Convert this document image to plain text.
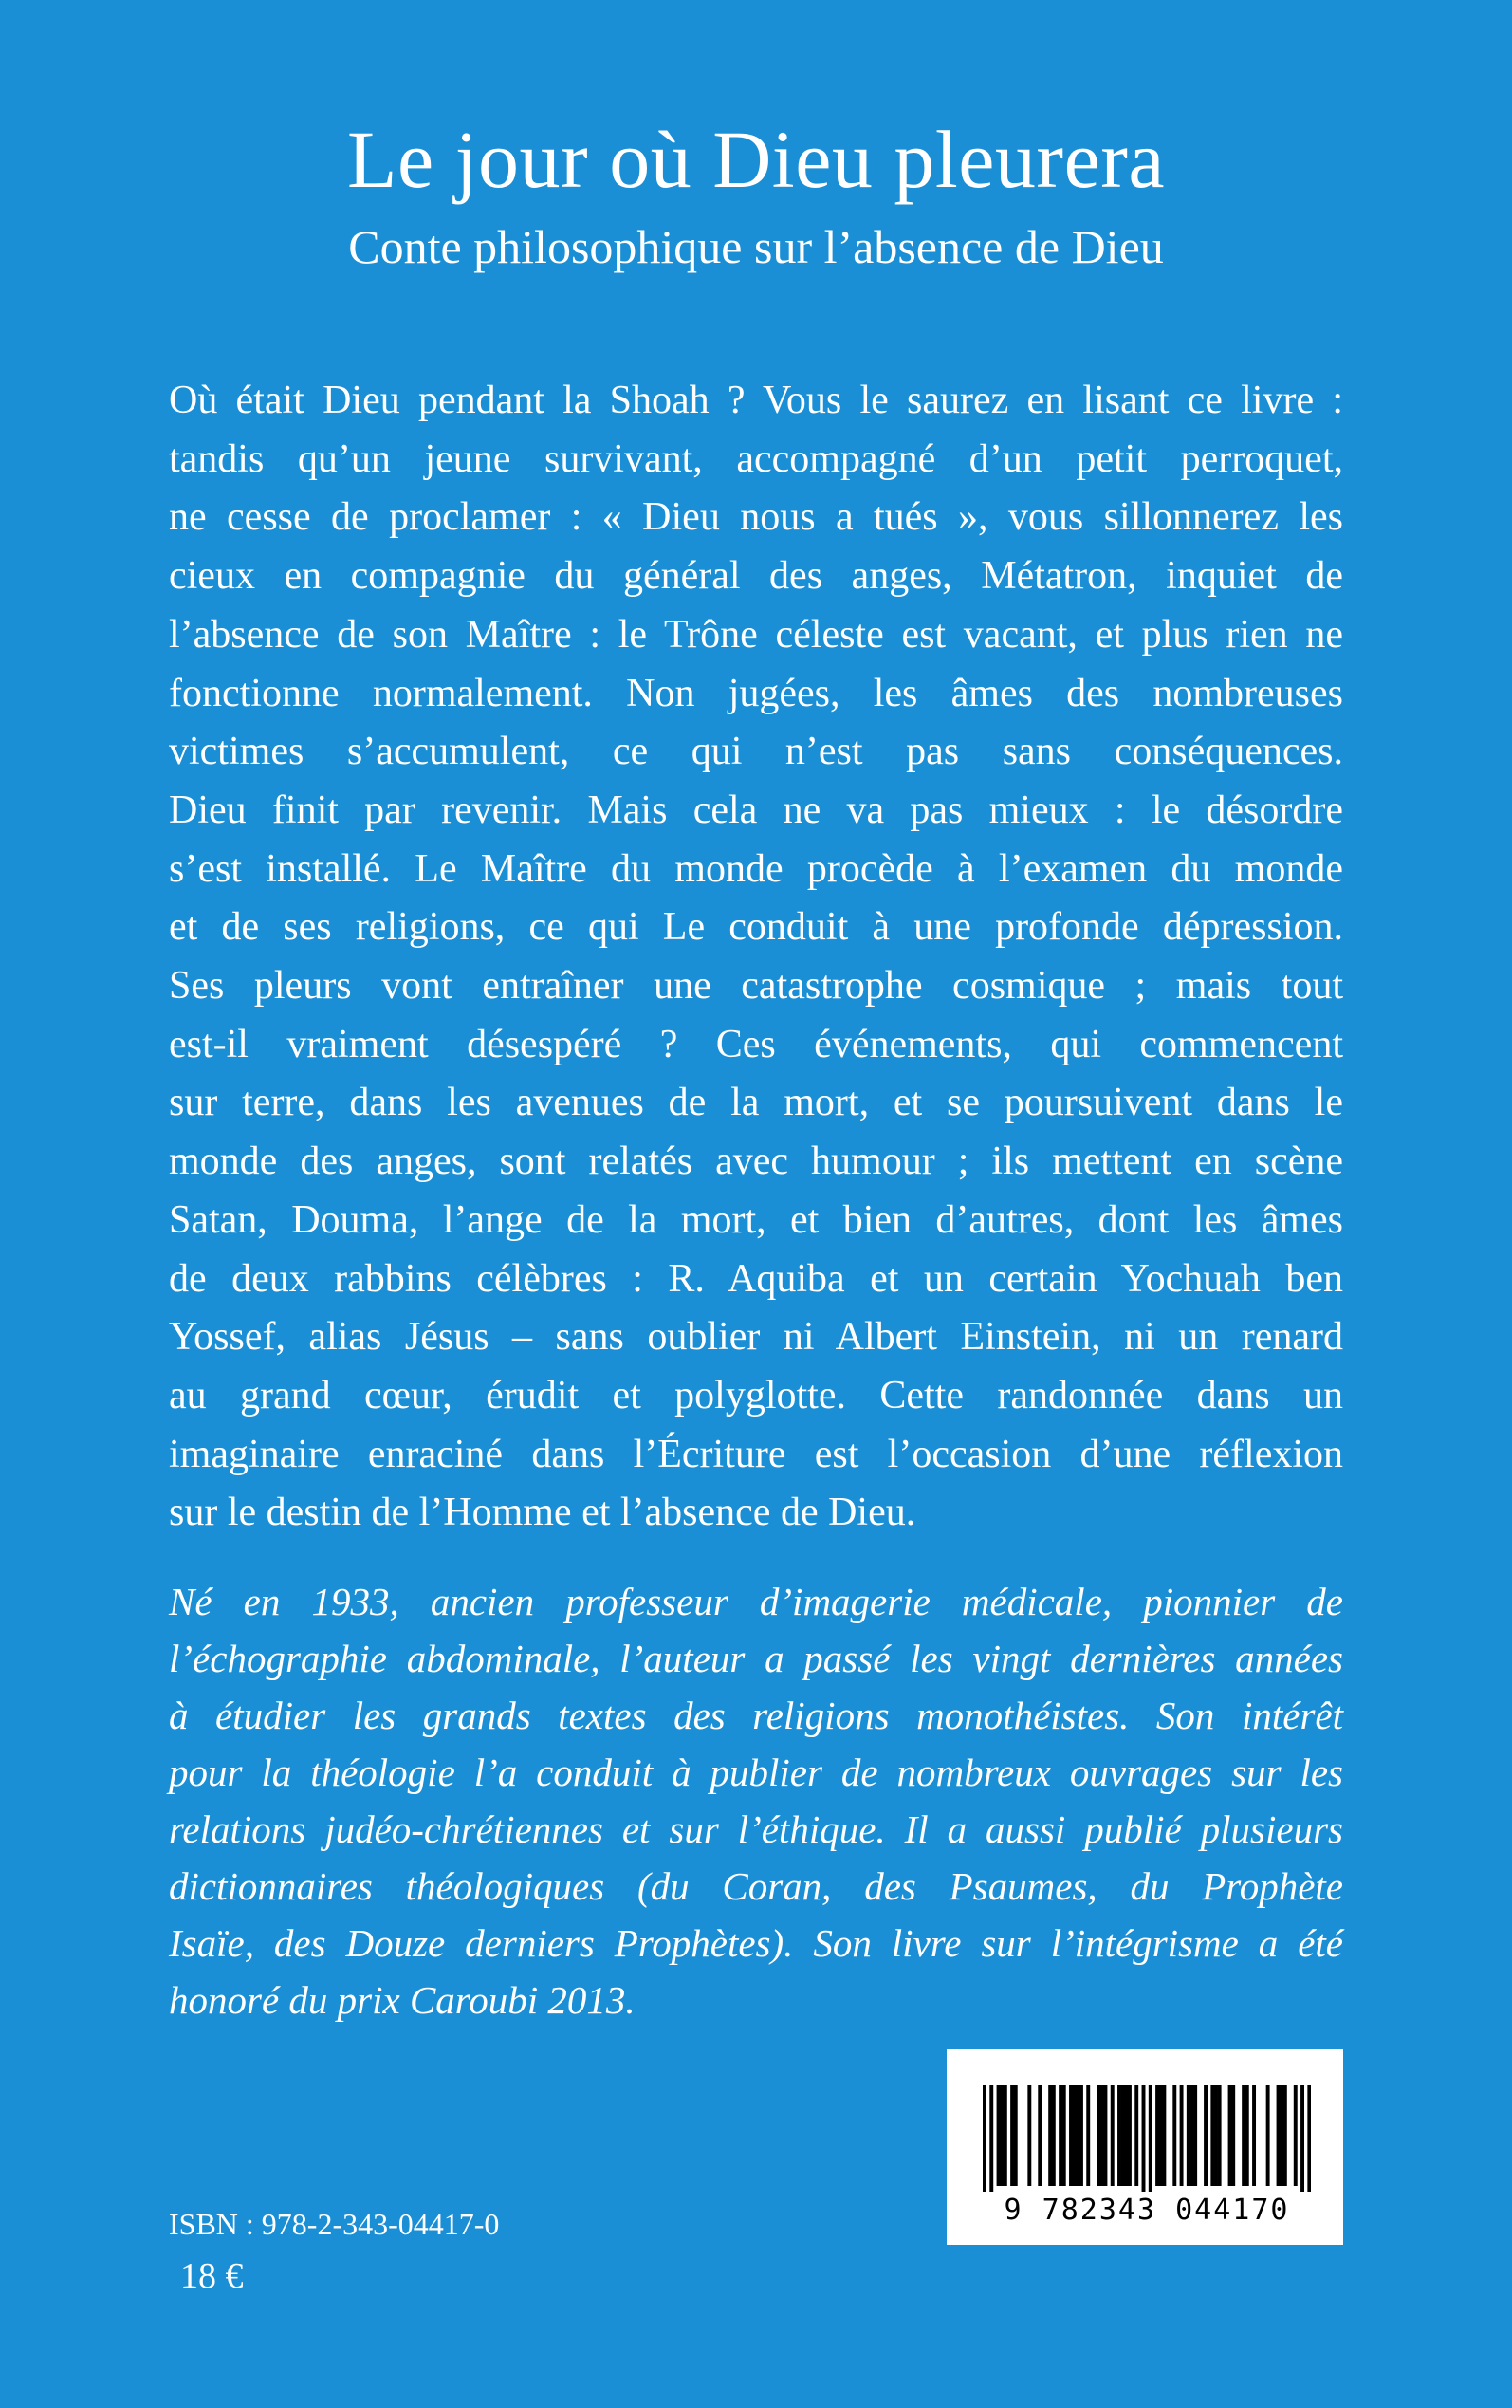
Le jour où Dieu pleurera
Conte philosophique sur l’absence de Dieu
Où était Dieu pendant la Shoah ? Vous le saurez en lisant ce livre :
tandis qu’un jeune survivant, accompagné d’un petit perroquet,
ne cesse de proclamer : « Dieu nous a tués », vous sillonnerez les
cieux en compagnie du général des anges, Métatron, inquiet de
l’absence de son Maître : le Trône céleste est vacant, et plus rien ne
fonctionne normalement. Non jugées, les âmes des nombreuses
victimes s’accumulent, ce qui n’est pas sans conséquences.
Dieu finit par revenir. Mais cela ne va pas mieux : le désordre
s’est installé. Le Maître du monde procède à l’examen du monde
et de ses religions, ce qui Le conduit à une profonde dépression.
Ses pleurs vont entraîner une catastrophe cosmique ; mais tout
est-il vraiment désespéré ? Ces événements, qui commencent
sur terre, dans les avenues de la mort, et se poursuivent dans le
monde des anges, sont relatés avec humour ; ils mettent en scène
Satan, Douma, l’ange de la mort, et bien d’autres, dont les âmes
de deux rabbins célèbres : R. Aquiba et un certain Yochuah ben
Yossef, alias Jésus – sans oublier ni Albert Einstein, ni un renard
au grand cœur, érudit et polyglotte. Cette randonnée dans un
imaginaire enraciné dans l’Écriture est l’occasion d’une réflexion
sur le destin de l’Homme et l’absence de Dieu.
Né en 1933, ancien professeur d’imagerie médicale, pionnier de
l’échographie abdominale, l’auteur a passé les vingt dernières années
à étudier les grands textes des religions monothéistes. Son intérêt
pour la théologie l’a conduit à publier de nombreux ouvrages sur les
relations judéo-chrétiennes et sur l’éthique. Il a aussi publié plusieurs
dictionnaires théologiques (du Coran, des Psaumes, du Prophète
Isaïe, des Douze derniers Prophètes). Son livre sur l’intégrisme a été
honoré du prix Caroubi 2013.
9 782343 044170
ISBN : 978-2-343-04417-0
18 €
